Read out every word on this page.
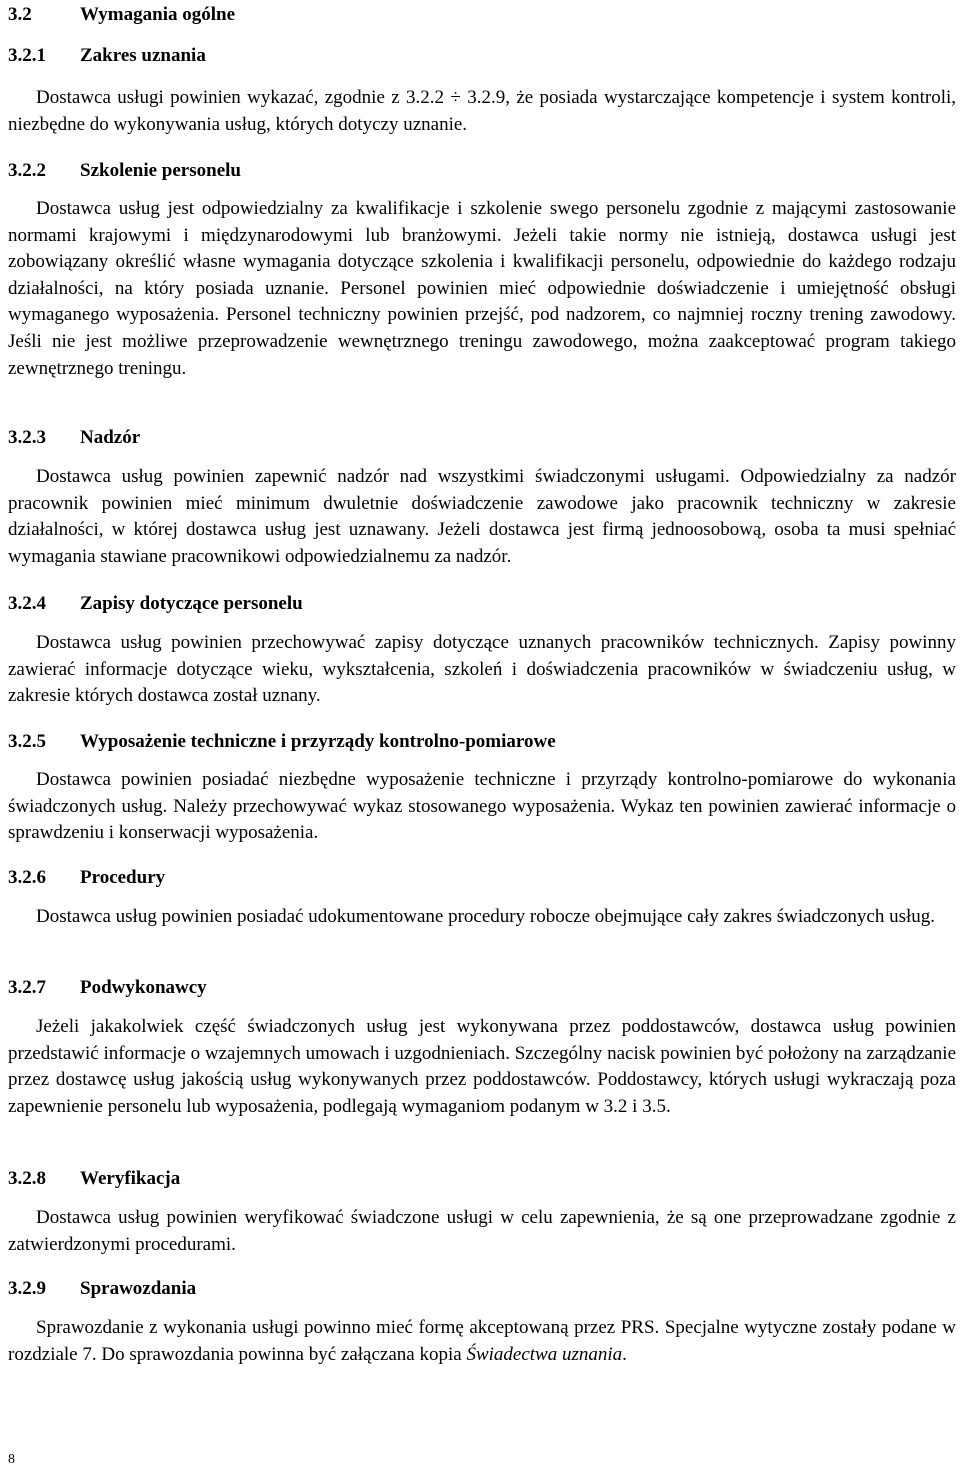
3.2	Wymagania ogólne
3.2.1 Zakres uznania
Dostawca usługi powinien wykazać, zgodnie z 3.2.2 ÷ 3.2.9, że posiada wystarczające kompetencje i system kontroli, niezbędne do wykonywania usług, których dotyczy uznanie.
3.2.2 Szkolenie personelu
Dostawca usług jest odpowiedzialny za kwalifikacje i szkolenie swego personelu zgodnie z mającymi zastosowanie normami krajowymi i międzynarodowymi lub branżowymi. Jeżeli takie normy nie istnieją, dostawca usługi jest zobowiązany określić własne wymagania dotyczące szkolenia i kwalifikacji personelu, odpowiednie do każdego rodzaju działalności, na który posiada uznanie. Personel powinien mieć odpowiednie doświadczenie i umiejętność obsługi wymaganego wyposażenia. Personel techniczny powinien przejść, pod nadzorem, co najmniej roczny trening zawodowy. Jeśli nie jest możliwe przeprowadzenie wewnętrznego treningu zawodowego, można zaakceptować program takiego zewnętrznego treningu.
3.2.3 Nadzór
Dostawca usług powinien zapewnić nadzór nad wszystkimi świadczonymi usługami. Odpowiedzialny za nadzór pracownik powinien mieć minimum dwuletnie doświadczenie zawodowe jako pracownik techniczny w zakresie działalności, w której dostawca usług jest uznawany. Jeżeli dostawca jest firmą jednoosobową, osoba ta musi spełniać wymagania stawiane pracownikowi odpowiedzialnemu za nadzór.
3.2.4 Zapisy dotyczące personelu
Dostawca usług powinien przechowywać zapisy dotyczące uznanych pracowników technicznych. Zapisy powinny zawierać informacje dotyczące wieku, wykształcenia, szkoleń i doświadczenia pracowników w świadczeniu usług, w zakresie których dostawca został uznany.
3.2.5 Wyposażenie techniczne i przyrządy kontrolno-pomiarowe
Dostawca powinien posiadać niezbędne wyposażenie techniczne i przyrządy kontrolno-pomiarowe do wykonania świadczonych usług. Należy przechowywać wykaz stosowanego wyposażenia. Wykaz ten powinien zawierać informacje o sprawdzeniu i konserwacji wyposażenia.
3.2.6 Procedury
Dostawca usług powinien posiadać udokumentowane procedury robocze obejmujące cały zakres świadczonych usług.
3.2.7 Podwykonawcy
Jeżeli jakakolwiek część świadczonych usług jest wykonywana przez poddostawców, dostawca usług powinien przedstawić informacje o wzajemnych umowach i uzgodnieniach. Szczególny nacisk powinien być położony na zarządzanie przez dostawcę usług jakością usług wykonywanych przez poddostawców. Poddostawcy, których usługi wykraczają poza zapewnienie personelu lub wyposażenia, podlegają wymaganiom podanym w 3.2 i 3.5.
3.2.8 Weryfikacja
Dostawca usług powinien weryfikować świadczone usługi w celu zapewnienia, że są one przeprowadzane zgodnie z zatwierdzonymi procedurami.
3.2.9 Sprawozdania
Sprawozdanie z wykonania usługi powinno mieć formę akceptowaną przez PRS. Specjalne wytyczne zostały podane w rozdziale 7. Do sprawozdania powinna być załączana kopia Świadectwa uznania.
8
